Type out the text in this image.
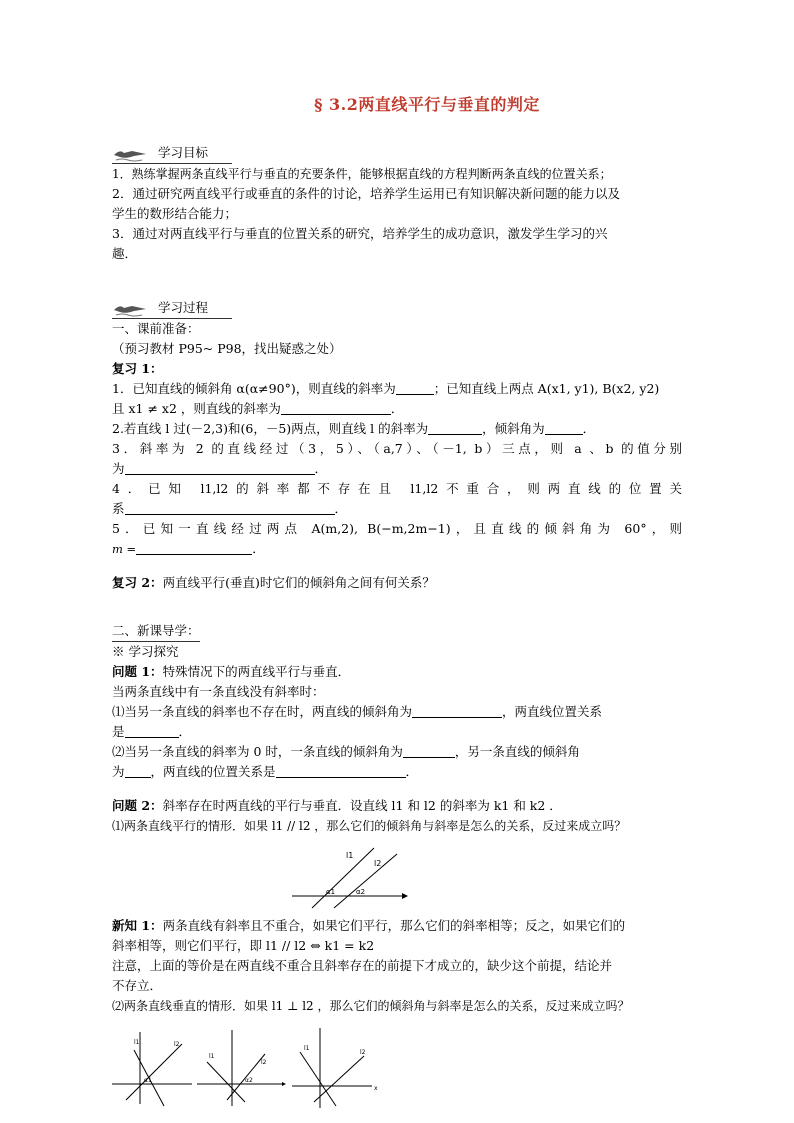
§ 3.2两直线平行与垂直的判定
学习目标
1．熟练掌握两条直线平行与垂直的充要条件，能够根据直线的方程判断两条直线的位置关系；
2．通过研究两直线平行或垂直的条件的讨论，培养学生运用已有知识解决新问题的能力以及
学生的数形结合能力；
3．通过对两直线平行与垂直的位置关系的研究，培养学生的成功意识，激发学生学习的兴
趣．
学习过程
一、课前准备：
（预习教材 P95~ P98，找出疑惑之处）
复习 1：
1．已知直线的倾斜角 α(α≠90°)，则直线的斜率为	；已知直线上两点 A(x1, y1), B(x2, y2)
且 x1 ≠ x2 ，则直线的斜率为	．
2.若直线 l 过(－2,3)和(6，－5)两点，则直线 l 的斜率为	，倾斜角为	．
3．斜率为 2 的直线经过（3，5）、（a,7）、（－1, b）三点，则 a 、b 的值分别
为	．
4．已知 l1,l2的斜率都不存在且 l1,l2不重合，则两直线的位置关
系	．
5．已知一直线经过两点 A(m,2), B(−m,2m−1)，且直线的倾斜角为 60°，则
m =	．
复习 2：两直线平行(垂直)时它们的倾斜角之间有何关系？
二、新课导学：
※ 学习探究
问题 1：特殊情况下的两直线平行与垂直．
当两条直线中有一条直线没有斜率时：
⑴当另一条直线的斜率也不存在时，两直线的倾斜角为	，两直线位置关系
是	．
⑵当另一条直线的斜率为 0 时，一条直线的倾斜角为	，另一条直线的倾斜角
为 ，两直线的位置关系是	．
问题 2：斜率存在时两直线的平行与垂直．设直线 l1 和 l2 的斜率为 k1 和 k2 ．
⑴两条直线平行的情形．如果 l1 // l2 ，那么它们的倾斜角与斜率是怎么的关系，反过来成立吗？
l1
l2
α1	α2
新知 1：两条直线有斜率且不重合，如果它们平行，那么它们的斜率相等；反之，如果它们的
斜率相等，则它们平行，即 l1 // l2 ⇔ k1 = k2
注意，上面的等价是在两直线不重合且斜率存在的前提下才成立的，缺少这个前提，结论并
不存立．
⑵两条直线垂直的情形．如果 l1 ⊥ l2 ，那么它们的倾斜角与斜率是怎么的关系，反过来成立吗？
l1	l2
α1
l1
l2
α2
l1
l2
x
